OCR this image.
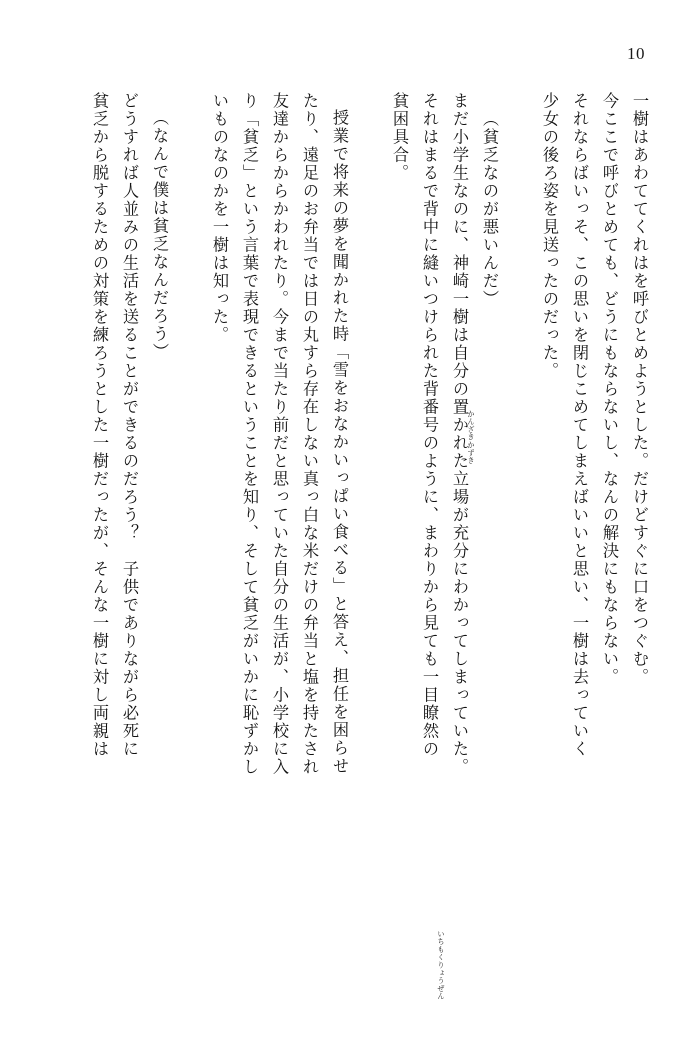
10
一樹はあわててくれはを呼びとめようとした。だけどすぐに口をつぐむ。
今ここで呼びとめても、どうにもならないし、なんの解決にもならない。
それならばいっそ、この思いを閉じこめてしまえばいいと思い、一樹は去っていく
少女の後ろ姿を見送ったのだった。
（貧乏なのが悪いんだ）
まだ小学生なのに、神崎一樹は自分の置かれた立場が充分にわかってしまっていた。
かんざきかずき
それはまるで背中に縫いつけられた背番号のように、まわりから見ても一目瞭然の
いちもくりょうぜん
貧困具合。
授業で将来の夢を聞かれた時「雪をおなかいっぱい食べる」と答え、担任を困らせ
たり、遠足のお弁当では日の丸すら存在しない真っ白な米だけの弁当と塩を持たされ
友達からからかわれたり。今まで当たり前だと思っていた自分の生活が、小学校に入
り「貧乏」という言葉で表現できるということを知り、そして貧乏がいかに恥ずかし
いものなのかを一樹は知った。
（なんで僕は貧乏なんだろう）
どうすれば人並みの生活を送ることができるのだろう？　子供でありながら必死に
貧乏から脱するための対策を練ろうとした一樹だったが、そんな一樹に対し両親は
